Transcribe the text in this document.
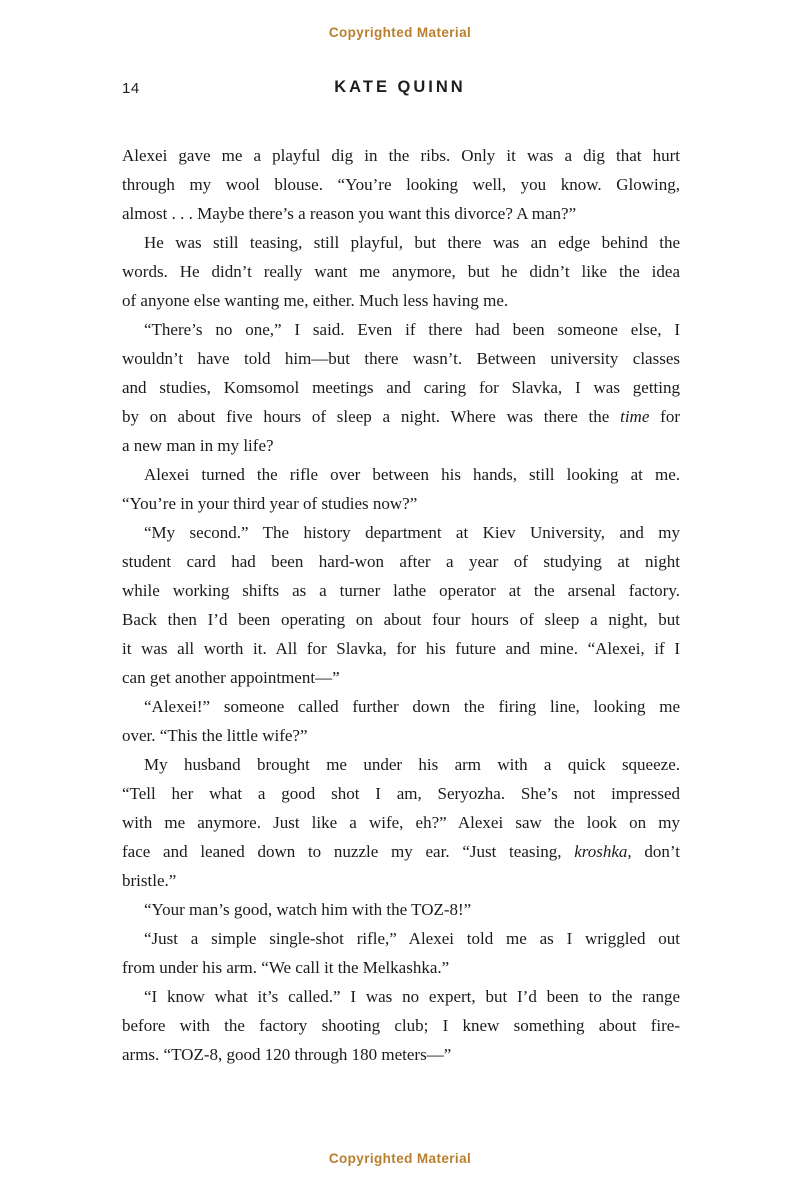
Copyrighted Material
14	KATE QUINN
Alexei gave me a playful dig in the ribs. Only it was a dig that hurt
through my wool blouse. “You’re looking well, you know. Glowing,
almost . . . Maybe there’s a reason you want this divorce? A man?”
He was still teasing, still playful, but there was an edge behind the
words. He didn’t really want me anymore, but he didn’t like the idea
of anyone else wanting me, either. Much less having me.
“There’s no one,” I said. Even if there had been someone else, I
wouldn’t have told him—but there wasn’t. Between university classes
and studies, Komsomol meetings and caring for Slavka, I was getting
by on about five hours of sleep a night. Where was there the time for
a new man in my life?
Alexei turned the rifle over between his hands, still looking at me.
“You’re in your third year of studies now?”
“My second.” The history department at Kiev University, and my
student card had been hard-won after a year of studying at night
while working shifts as a turner lathe operator at the arsenal factory.
Back then I’d been operating on about four hours of sleep a night, but
it was all worth it. All for Slavka, for his future and mine. “Alexei, if I
can get another appointment—”
“Alexei!” someone called further down the firing line, looking me
over. “This the little wife?”
My husband brought me under his arm with a quick squeeze.
“Tell her what a good shot I am, Seryozha. She’s not impressed
with me anymore. Just like a wife, eh?” Alexei saw the look on my
face and leaned down to nuzzle my ear. “Just teasing, kroshka, don’t
bristle.”
“Your man’s good, watch him with the TOZ-8!”
“Just a simple single-shot rifle,” Alexei told me as I wriggled out
from under his arm. “We call it the Melkashka.”
“I know what it’s called.” I was no expert, but I’d been to the range
before with the factory shooting club; I knew something about fire-
arms. “TOZ-8, good 120 through 180 meters—”
Copyrighted Material
